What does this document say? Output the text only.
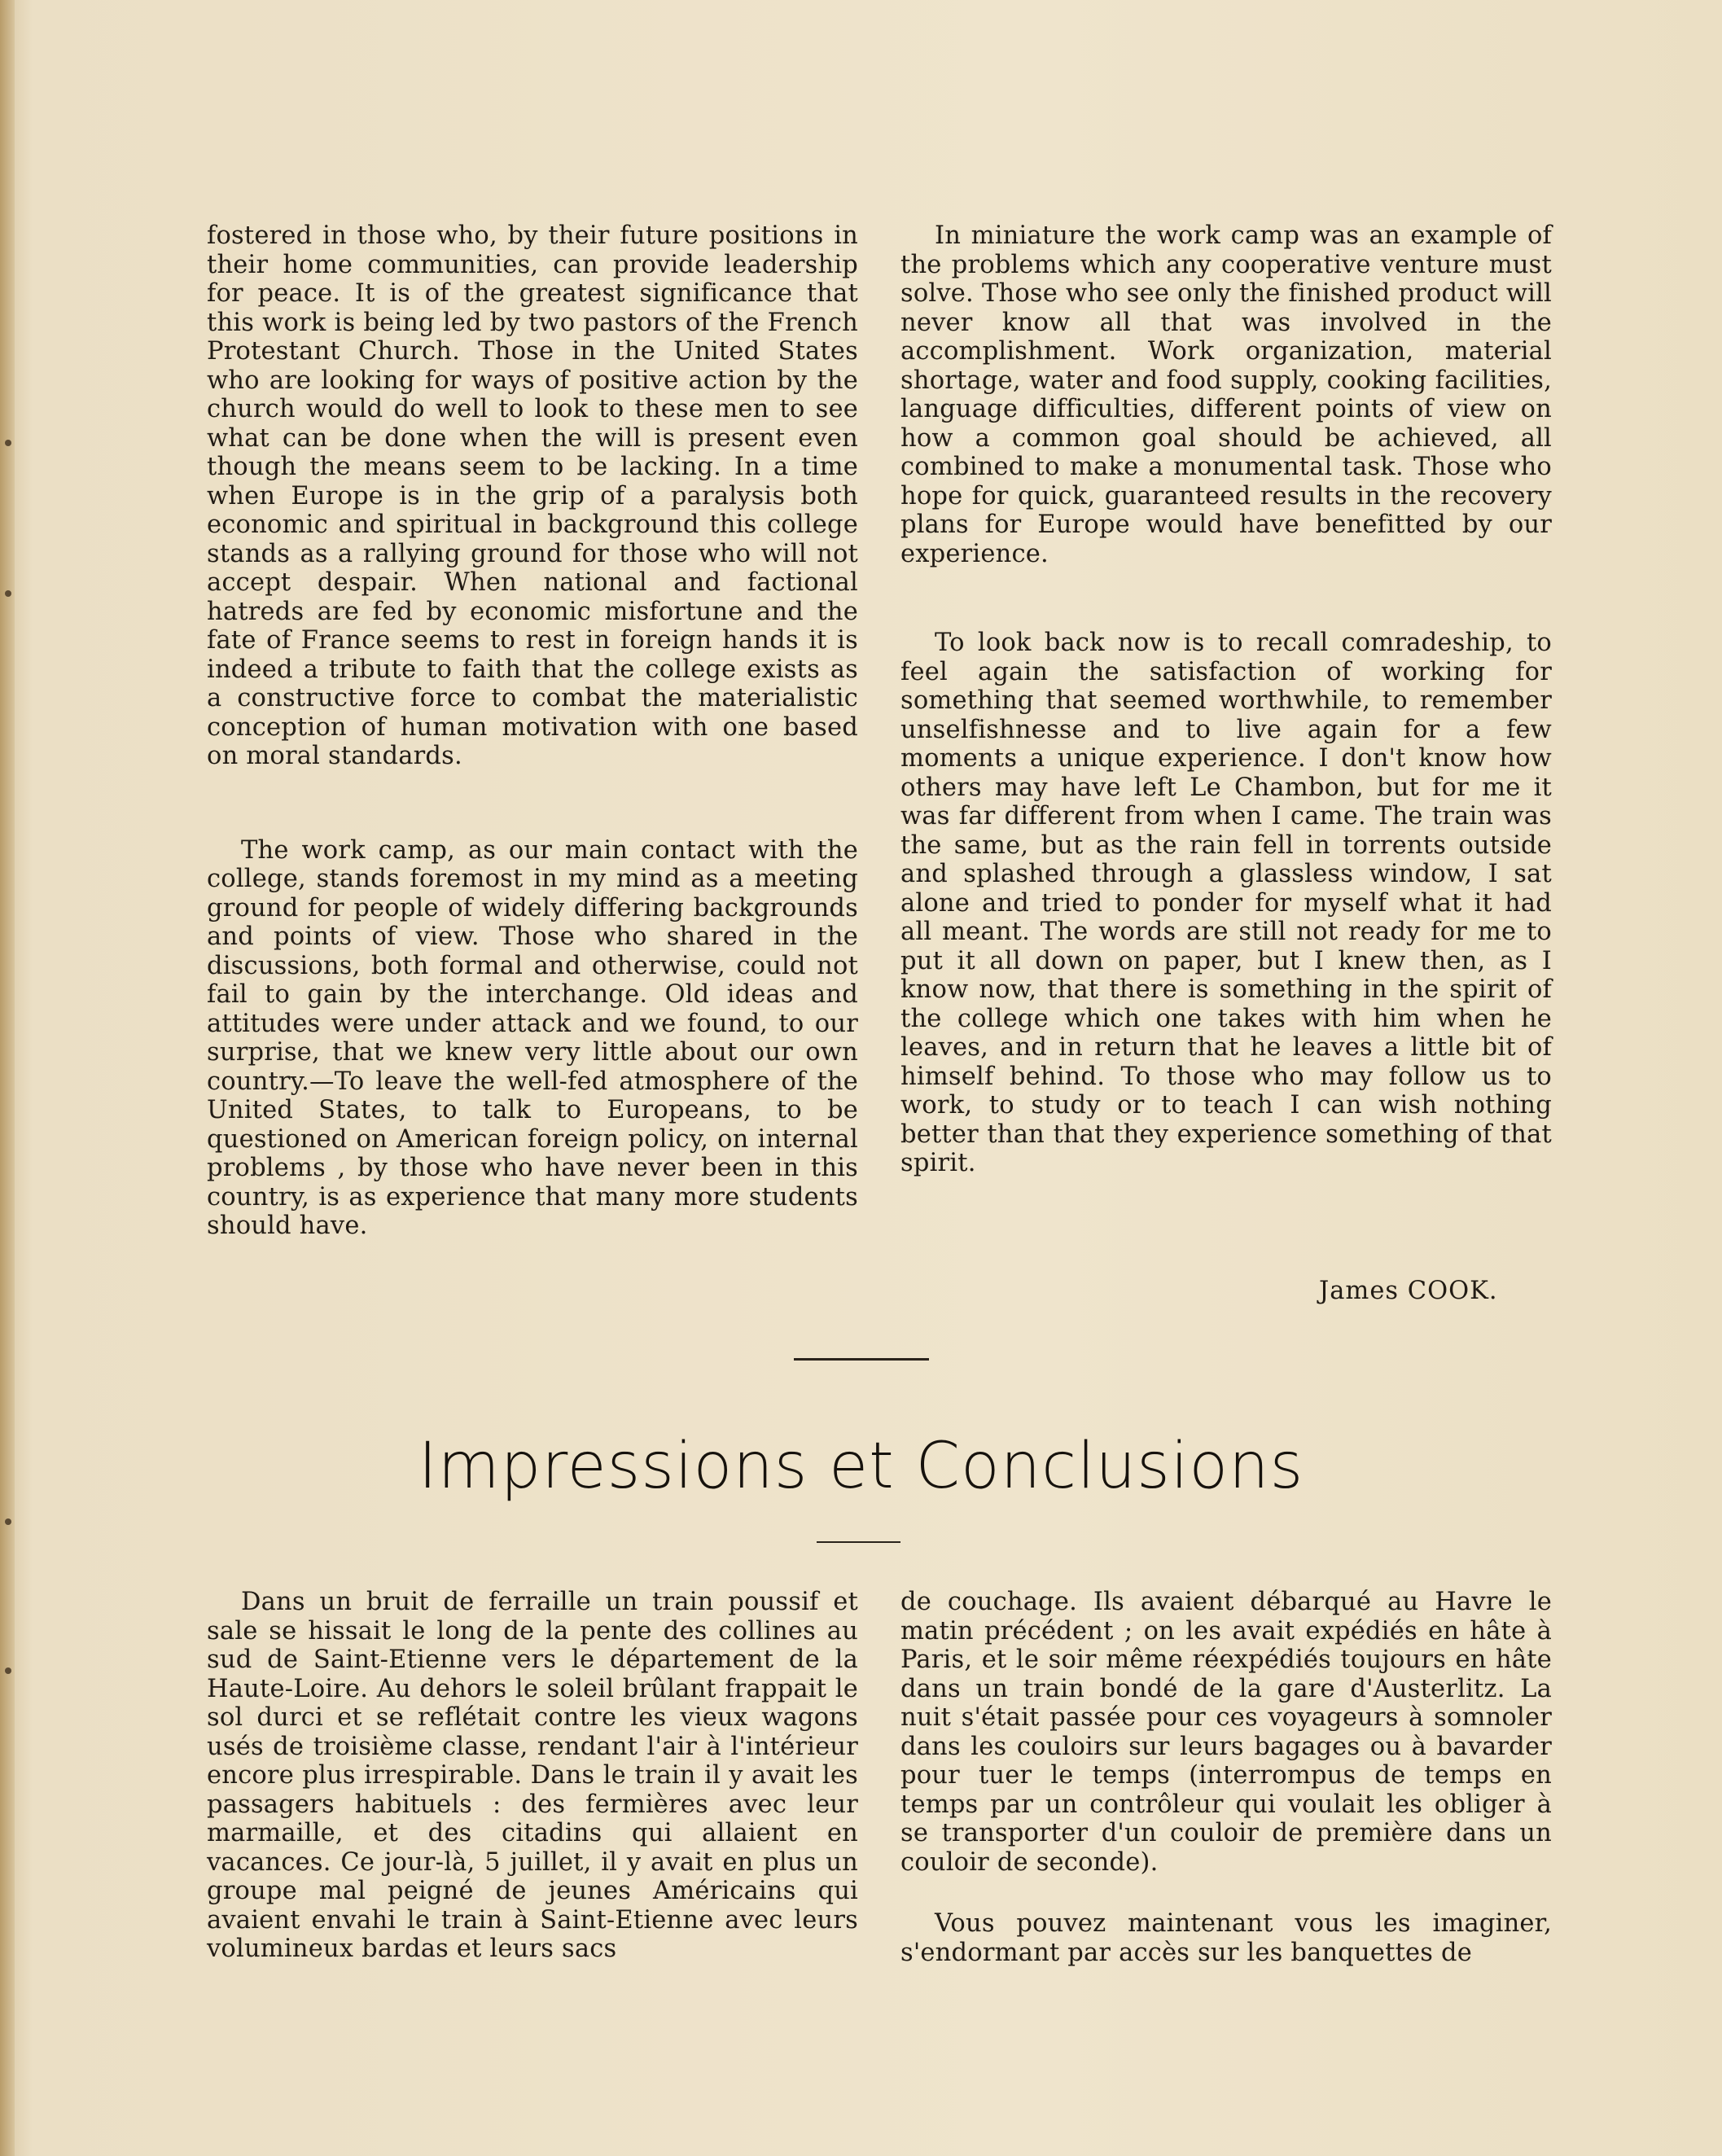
fostered in those who, by their future positions in their home communities, can provide leadership for peace. It is of the greatest significance that this work is being led by two pastors of the French Protestant Church. Those in the United States who are looking for ways of positive action by the church would do well to look to these men to see what can be done when the will is present even though the means seem to be lacking. In a time when Europe is in the grip of a paralysis both economic and spiritual in background this college stands as a rallying ground for those who will not accept despair. When national and factional hatreds are fed by economic misfortune and the fate of France seems to rest in foreign hands it is indeed a tribute to faith that the college exists as a constructive force to combat the materialistic conception of human motivation with one based on moral standards.

The work camp, as our main contact with the college, stands foremost in my mind as a meeting ground for people of widely differing backgrounds and points of view. Those who shared in the discussions, both formal and otherwise, could not fail to gain by the interchange. Old ideas and attitudes were under attack and we found, to our surprise, that we knew very little about our own country.—To leave the well-fed atmosphere of the United States, to talk to Europeans, to be questioned on American foreign policy, on internal problems , by those who have never been in this country, is as experience that many more students should have.

In miniature the work camp was an example of the problems which any cooperative venture must solve. Those who see only the finished product will never know all that was involved in the accomplishment. Work organization, material shortage, water and food supply, cooking facilities, language difficulties, different points of view on how a common goal should be achieved, all combined to make a monumental task. Those who hope for quick, guaranteed results in the recovery plans for Europe would have benefitted by our experience.

To look back now is to recall comradeship, to feel again the satisfaction of working for something that seemed worthwhile, to remember unselfishnesse and to live again for a few moments a unique experience. I don't know how others may have left Le Chambon, but for me it was far different from when I came. The train was the same, but as the rain fell in torrents outside and splashed through a glassless window, I sat alone and tried to ponder for myself what it had all meant. The words are still not ready for me to put it all down on paper, but I knew then, as I know now, that there is something in the spirit of the college which one takes with him when he leaves, and in return that he leaves a little bit of himself behind. To those who may follow us to work, to study or to teach I can wish nothing better than that they experience something of that spirit.

James COOK.
Impressions et Conclusions

Dans un bruit de ferraille un train poussif et sale se hissait le long de la pente des collines au sud de Saint-Etienne vers le département de la Haute-Loire. Au dehors le soleil brûlant frappait le sol durci et se reflétait contre les vieux wagons usés de troisième classe, rendant l'air à l'intérieur encore plus irrespirable. Dans le train il y avait les passagers habituels : des fermières avec leur marmaille, et des citadins qui allaient en vacances. Ce jour-là, 5 juillet, il y avait en plus un groupe mal peigné de jeunes Américains qui avaient envahi le train à Saint-Etienne avec leurs volumineux bardas et leurs sacs

de couchage. Ils avaient débarqué au Havre le matin précédent ; on les avait expédiés en hâte à Paris, et le soir même réexpédiés toujours en hâte dans un train bondé de la gare d'Austerlitz. La nuit s'était passée pour ces voyageurs à somnoler dans les couloirs sur leurs bagages ou à bavarder pour tuer le temps (interrompus de temps en temps par un contrôleur qui voulait les obliger à se transporter d'un couloir de première dans un couloir de seconde).

Vous pouvez maintenant vous les imaginer, s'endormant par accès sur les banquettes de
